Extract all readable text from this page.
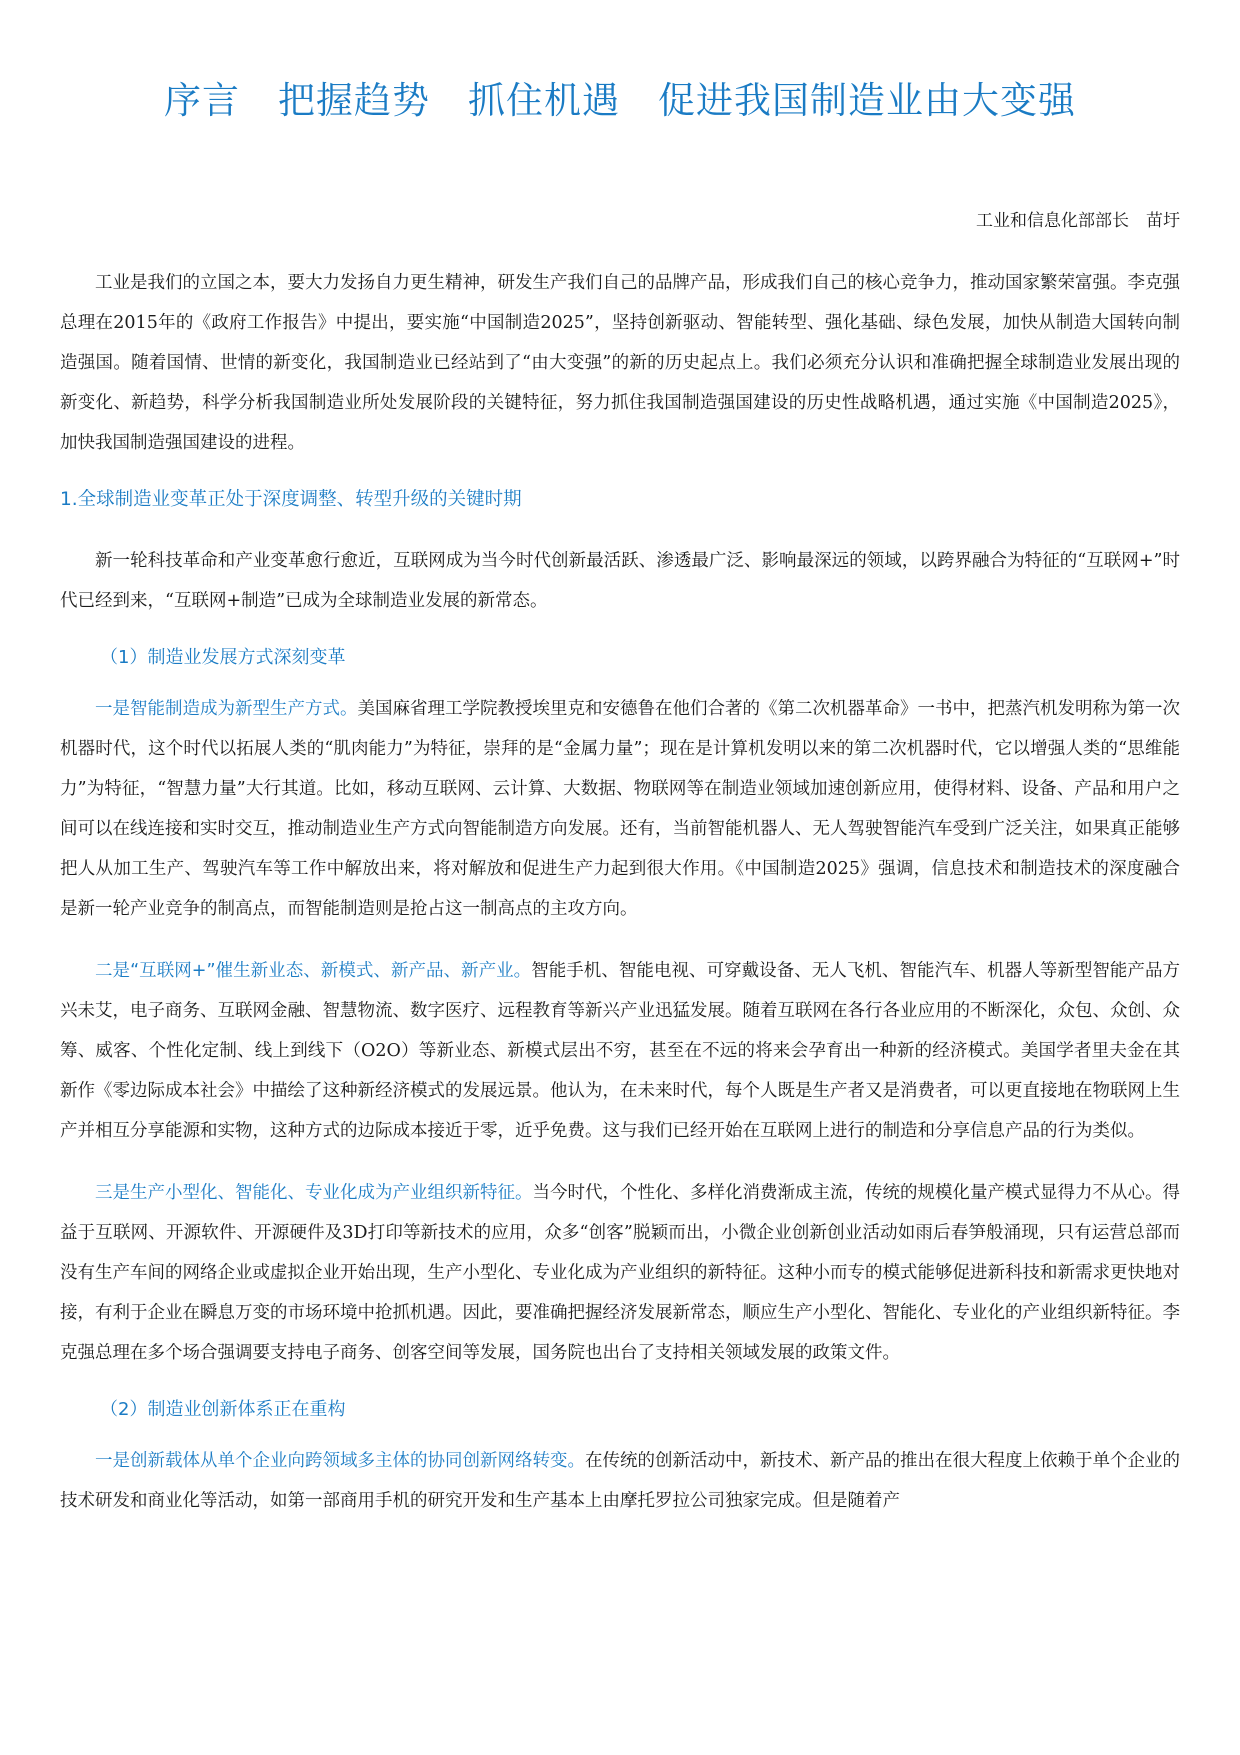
序言　把握趋势　抓住机遇　促进我国制造业由大变强
工业和信息化部部长　苗圩

工业是我们的立国之本，要大力发扬自力更生精神，研发生产我们自己的品牌产品，形成我们自己的核心竞争力，推动国家繁荣富强。李克强总理在2015年的《政府工作报告》中提出，要实施“中国制造2025”，坚持创新驱动、智能转型、强化基础、绿色发展，加快从制造大国转向制造强国。随着国情、世情的新变化，我国制造业已经站到了“由大变强”的新的历史起点上。我们必须充分认识和准确把握全球制造业发展出现的新变化、新趋势，科学分析我国制造业所处发展阶段的关键特征，努力抓住我国制造强国建设的历史性战略机遇，通过实施《中国制造2025》，加快我国制造强国建设的进程。

1.全球制造业变革正处于深度调整、转型升级的关键时期

新一轮科技革命和产业变革愈行愈近，互联网成为当今时代创新最活跃、渗透最广泛、影响最深远的领域，以跨界融合为特征的“互联网+”时代已经到来，“互联网+制造”已成为全球制造业发展的新常态。

（1）制造业发展方式深刻变革

一是智能制造成为新型生产方式。美国麻省理工学院教授埃里克和安德鲁在他们合著的《第二次机器革命》一书中，把蒸汽机发明称为第一次机器时代，这个时代以拓展人类的“肌肉能力”为特征，崇拜的是“金属力量”；现在是计算机发明以来的第二次机器时代，它以增强人类的“思维能力”为特征，“智慧力量”大行其道。比如，移动互联网、云计算、大数据、物联网等在制造业领域加速创新应用，使得材料、设备、产品和用户之间可以在线连接和实时交互，推动制造业生产方式向智能制造方向发展。还有，当前智能机器人、无人驾驶智能汽车受到广泛关注，如果真正能够把人从加工生产、驾驶汽车等工作中解放出来，将对解放和促进生产力起到很大作用。《中国制造2025》强调，信息技术和制造技术的深度融合是新一轮产业竞争的制高点，而智能制造则是抢占这一制高点的主攻方向。

二是“互联网+”催生新业态、新模式、新产品、新产业。智能手机、智能电视、可穿戴设备、无人飞机、智能汽车、机器人等新型智能产品方兴未艾，电子商务、互联网金融、智慧物流、数字医疗、远程教育等新兴产业迅猛发展。随着互联网在各行各业应用的不断深化，众包、众创、众筹、威客、个性化定制、线上到线下（O2O）等新业态、新模式层出不穷，甚至在不远的将来会孕育出一种新的经济模式。美国学者里夫金在其新作《零边际成本社会》中描绘了这种新经济模式的发展远景。他认为，在未来时代，每个人既是生产者又是消费者，可以更直接地在物联网上生产并相互分享能源和实物，这种方式的边际成本接近于零，近乎免费。这与我们已经开始在互联网上进行的制造和分享信息产品的行为类似。

三是生产小型化、智能化、专业化成为产业组织新特征。当今时代，个性化、多样化消费渐成主流，传统的规模化量产模式显得力不从心。得益于互联网、开源软件、开源硬件及3D打印等新技术的应用，众多“创客”脱颖而出，小微企业创新创业活动如雨后春笋般涌现，只有运营总部而没有生产车间的网络企业或虚拟企业开始出现，生产小型化、专业化成为产业组织的新特征。这种小而专的模式能够促进新科技和新需求更快地对接，有利于企业在瞬息万变的市场环境中抢抓机遇。因此，要准确把握经济发展新常态，顺应生产小型化、智能化、专业化的产业组织新特征。李克强总理在多个场合强调要支持电子商务、创客空间等发展，国务院也出台了支持相关领域发展的政策文件。

（2）制造业创新体系正在重构

一是创新载体从单个企业向跨领域多主体的协同创新网络转变。在传统的创新活动中，新技术、新产品的推出在很大程度上依赖于单个企业的技术研发和商业化等活动，如第一部商用手机的研究开发和生产基本上由摩托罗拉公司独家完成。但是随着产
